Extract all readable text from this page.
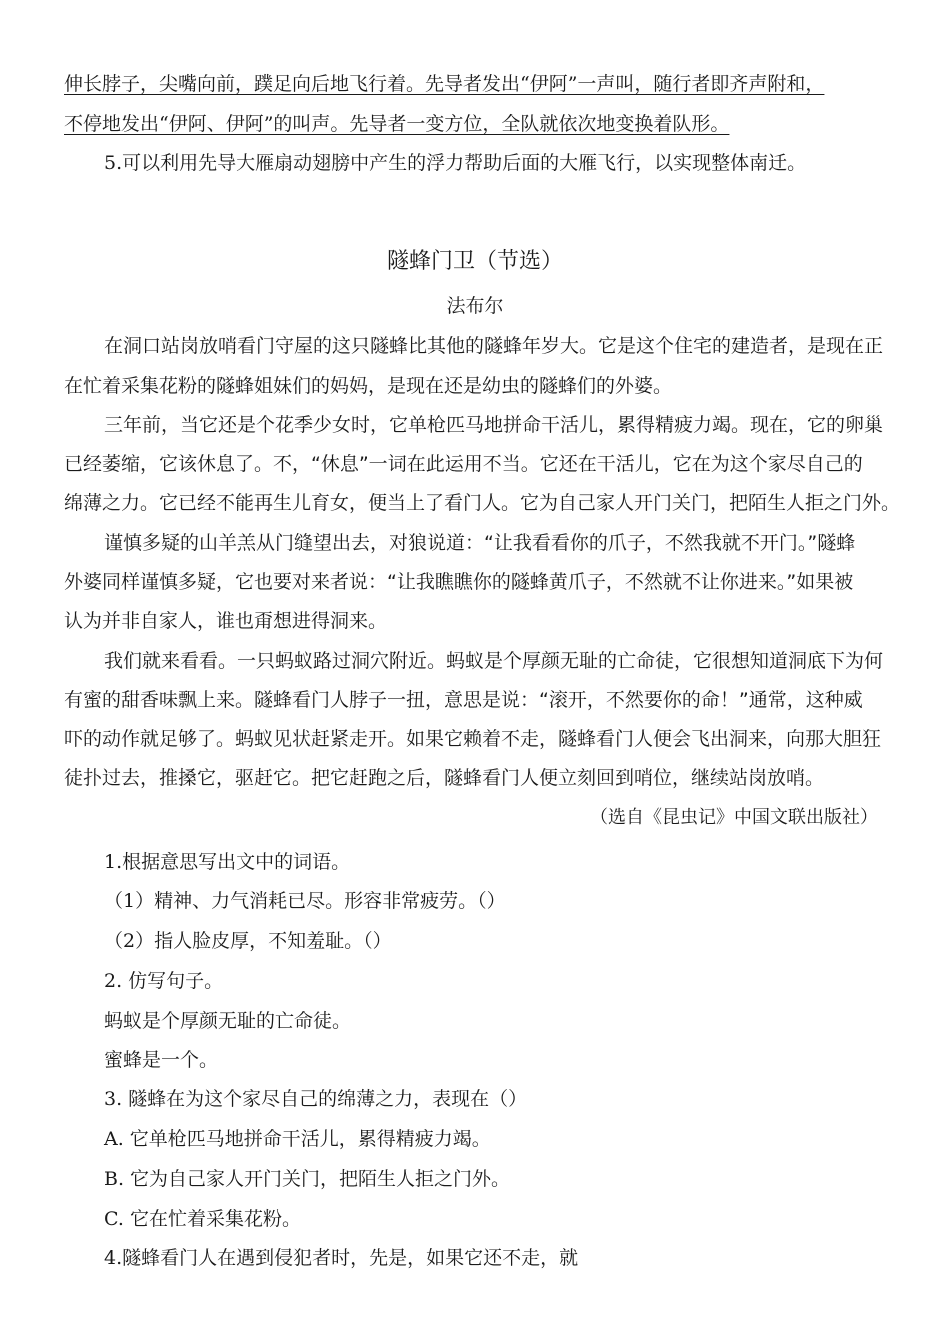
伸长脖子，尖嘴向前，蹼足向后地飞行着。先导者发出“伊阿”一声叫，随行者即齐声附和，
不停地发出“伊阿、伊阿”的叫声。先导者一变方位，全队就依次地变换着队形。
5.可以利用先导大雁扇动翅膀中产生的浮力帮助后面的大雁飞行，以实现整体南迁。
隧蜂门卫（节选）
法布尔
在洞口站岗放哨看门守屋的这只隧蜂比其他的隧蜂年岁大。它是这个住宅的建造者，是现在正
在忙着采集花粉的隧蜂姐妹们的妈妈，是现在还是幼虫的隧蜂们的外婆。
三年前，当它还是个花季少女时，它单枪匹马地拼命干活儿，累得精疲力竭。现在，它的卵巢
已经萎缩，它该休息了。不，“休息”一词在此运用不当。它还在干活儿，它在为这个家尽自己的
绵薄之力。它已经不能再生儿育女，便当上了看门人。它为自己家人开门关门，把陌生人拒之门外。
谨慎多疑的山羊羔从门缝望出去，对狼说道：“让我看看你的爪子，不然我就不开门。”隧蜂
外婆同样谨慎多疑，它也要对来者说：“让我瞧瞧你的隧蜂黄爪子，不然就不让你进来。”如果被
认为并非自家人，谁也甭想进得洞来。
我们就来看看。一只蚂蚁路过洞穴附近。蚂蚁是个厚颜无耻的亡命徒，它很想知道洞底下为何
有蜜的甜香味飘上来。隧蜂看门人脖子一扭，意思是说：“滚开，不然要你的命！”通常，这种威
吓的动作就足够了。蚂蚁见状赶紧走开。如果它赖着不走，隧蜂看门人便会飞出洞来，向那大胆狂
徒扑过去，推搡它，驱赶它。把它赶跑之后，隧蜂看门人便立刻回到哨位，继续站岗放哨。
（选自《昆虫记》中国文联出版社）
1.根据意思写出文中的词语。
（1）精神、力气消耗已尽。形容非常疲劳。（）
（2）指人脸皮厚，不知羞耻。（）
2. 仿写句子。
蚂蚁是个厚颜无耻的亡命徒。
蜜蜂是一个。
3. 隧蜂在为这个家尽自己的绵薄之力，表现在（）
A. 它单枪匹马地拼命干活儿，累得精疲力竭。
B. 它为自己家人开门关门，把陌生人拒之门外。
C. 它在忙着采集花粉。
4.隧蜂看门人在遇到侵犯者时，先是，如果它还不走，就
